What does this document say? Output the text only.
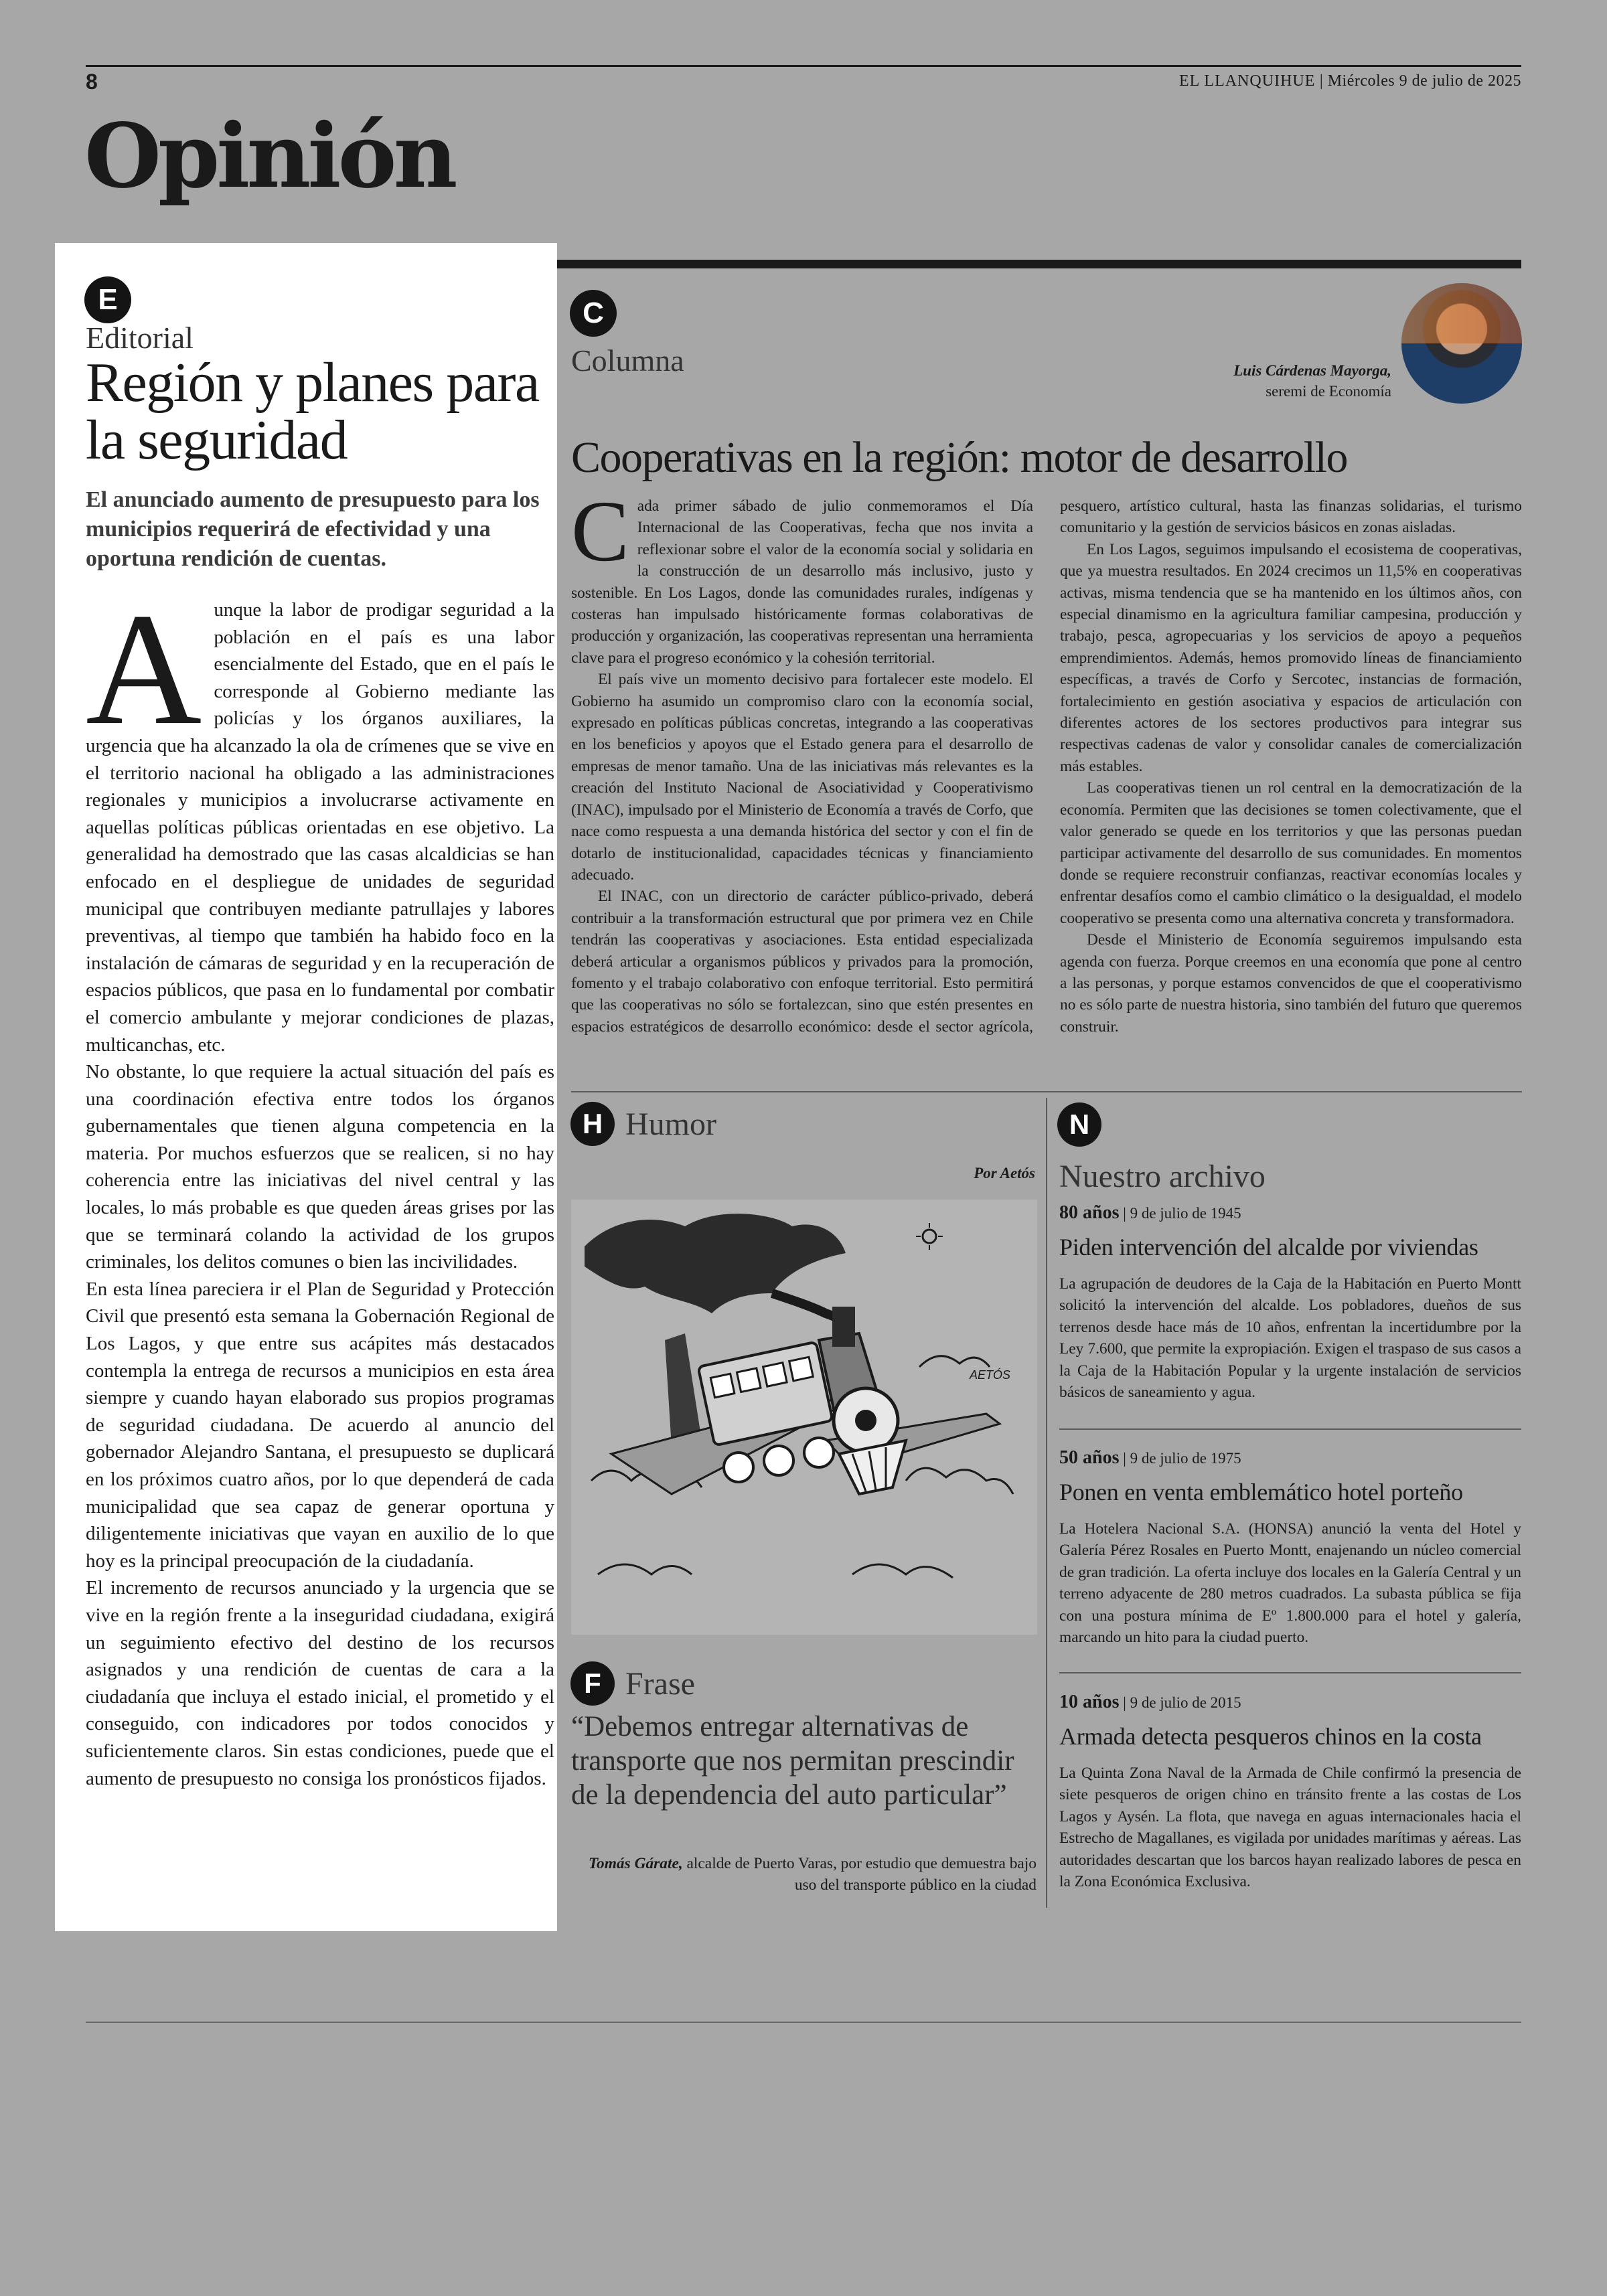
8	EL LLANQUIHUE | Miércoles 9 de julio de 2025
Opinión
E
Editorial
Región y planes para la seguridad
El anunciado aumento de presupuesto para los municipios requerirá de efectividad y una oportuna rendición de cuentas.

Aunque la labor de prodigar seguridad a la población en el país es una labor esencialmente del Estado, que en el país le corresponde al Gobierno mediante las policías y los órganos auxiliares, la urgencia que ha alcanzado la ola de crímenes que se vive en el territorio nacional ha obligado a las administraciones regionales y municipios a involucrarse activamente en aquellas políticas públicas orientadas en ese objetivo. La generalidad ha demostrado que las casas alcaldicias se han enfocado en el despliegue de unidades de seguridad municipal que contribuyen mediante patrullajes y labores preventivas, al tiempo que también ha habido foco en la instalación de cámaras de seguridad y en la recuperación de espacios públicos, que pasa en lo fundamental por combatir el comercio ambulante y mejorar condiciones de plazas, multicanchas, etc.

No obstante, lo que requiere la actual situación del país es una coordinación efectiva entre todos los órganos gubernamentales que tienen alguna competencia en la materia. Por muchos esfuerzos que se realicen, si no hay coherencia entre las iniciativas del nivel central y las locales, lo más probable es que queden áreas grises por las que se terminará colando la actividad de los grupos criminales, los delitos comunes o bien las incivilidades.

En esta línea pareciera ir el Plan de Seguridad y Protección Civil que presentó esta semana la Gobernación Regional de Los Lagos, y que entre sus acápites más destacados contempla la entrega de recursos a municipios en esta área siempre y cuando hayan elaborado sus propios programas de seguridad ciudadana. De acuerdo al anuncio del gobernador Alejandro Santana, el presupuesto se duplicará en los próximos cuatro años, por lo que dependerá de cada municipalidad que sea capaz de generar oportuna y diligentemente iniciativas que vayan en auxilio de lo que hoy es la principal preocupación de la ciudadanía.

El incremento de recursos anunciado y la urgencia que se vive en la región frente a la inseguridad ciudadana, exigirá un seguimiento efectivo del destino de los recursos asignados y una rendición de cuentas de cara a la ciudadanía que incluya el estado inicial, el prometido y el conseguido, con indicadores por todos conocidos y suficientemente claros. Sin estas condiciones, puede que el aumento de presupuesto no consiga los pronósticos fijados.

C
Columna	Luis Cárdenas Mayorga,
seremi de Economía
Cooperativas en la región: motor de desarrollo

Cada primer sábado de julio conmemoramos el Día Internacional de las Cooperativas, fecha que nos invita a reflexionar sobre el valor de la economía social y solidaria en la construcción de un desarrollo más inclusivo, justo y sostenible. En Los Lagos, donde las comunidades rurales, indígenas y costeras han impulsado históricamente formas colaborativas de producción y organización, las cooperativas representan una herramienta clave para el progreso económico y la cohesión territorial.

El país vive un momento decisivo para fortalecer este modelo. El Gobierno ha asumido un compromiso claro con la economía social, expresado en políticas públicas concretas, integrando a las cooperativas en los beneficios y apoyos que el Estado genera para el desarrollo de empresas de menor tamaño. Una de las iniciativas más relevantes es la creación del Instituto Nacional de Asociatividad y Cooperativismo (INAC), impulsado por el Ministerio de Economía a través de Corfo, que nace como respuesta a una demanda histórica del sector y con el fin de dotarlo de institucionalidad, capacidades técnicas y financiamiento adecuado.

El INAC, con un directorio de carácter público-privado, deberá contribuir a la transformación estructural que por primera vez en Chile tendrán las cooperativas y asociaciones. Esta entidad especializada deberá articular a organismos públicos y privados para la promoción, fomento y el trabajo colaborativo con enfoque territorial. Esto permitirá que las cooperativas no sólo se fortalezcan, sino que estén presentes en espacios estratégicos de desarrollo económico: desde el sector agrícola, pesquero, artístico cultural, hasta las finanzas solidarias, el turismo comunitario y la gestión de servicios básicos en zonas aisladas.

En Los Lagos, seguimos impulsando el ecosistema de cooperativas, que ya muestra resultados. En 2024 crecimos un 11,5% en cooperativas activas, misma tendencia que se ha mantenido en los últimos años, con especial dinamismo en la agricultura familiar campesina, producción y trabajo, pesca, agropecuarias y los servicios de apoyo a pequeños emprendimientos. Además, hemos promovido líneas de financiamiento específicas, a través de Corfo y Sercotec, instancias de formación, fortalecimiento en gestión asociativa y espacios de articulación con diferentes actores de los sectores productivos para integrar sus respectivas cadenas de valor y consolidar canales de comercialización más estables.

Las cooperativas tienen un rol central en la democratización de la economía. Permiten que las decisiones se tomen colectivamente, que el valor generado se quede en los territorios y que las personas puedan participar activamente del desarrollo de sus comunidades. En momentos donde se requiere reconstruir confianzas, reactivar economías locales y enfrentar desafíos como el cambio climático o la desigualdad, el modelo cooperativo se presenta como una alternativa concreta y transformadora.

Desde el Ministerio de Economía seguiremos impulsando esta agenda con fuerza. Porque creemos en una economía que pone al centro a las personas, y porque estamos convencidos de que el cooperativismo no es sólo parte de nuestra historia, sino también del futuro que queremos construir.

H Humor
Por Aetós
AETÓS
F Frase
“Debemos entregar alternativas de transporte que nos permitan prescindir de la dependencia del auto particular”
Tomás Gárate, alcalde de Puerto Varas, por estudio que demuestra bajo uso del transporte público en la ciudad
N
Nuestro archivo
80 años | 9 de julio de 1945
Piden intervención del alcalde por viviendas
La agrupación de deudores de la Caja de la Habitación en Puerto Montt solicitó la intervención del alcalde. Los pobladores, dueños de sus terrenos desde hace más de 10 años, enfrentan la incertidumbre por la Ley 7.600, que permite la expropiación. Exigen el traspaso de sus casos a la Caja de la Habitación Popular y la urgente instalación de servicios básicos de saneamiento y agua.
50 años | 9 de julio de 1975
Ponen en venta emblemático hotel porteño
La Hotelera Nacional S.A. (HONSA) anunció la venta del Hotel y Galería Pérez Rosales en Puerto Montt, enajenando un núcleo comercial de gran tradición. La oferta incluye dos locales en la Galería Central y un terreno adyacente de 280 metros cuadrados. La subasta pública se fija con una postura mínima de Eº 1.800.000 para el hotel y galería, marcando un hito para la ciudad puerto.
10 años | 9 de julio de 2015
Armada detecta pesqueros chinos en la costa
La Quinta Zona Naval de la Armada de Chile confirmó la presencia de siete pesqueros de origen chino en tránsito frente a las costas de Los Lagos y Aysén. La flota, que navega en aguas internacionales hacia el Estrecho de Magallanes, es vigilada por unidades marítimas y aéreas. Las autoridades descartan que los barcos hayan realizado labores de pesca en la Zona Económica Exclusiva.
